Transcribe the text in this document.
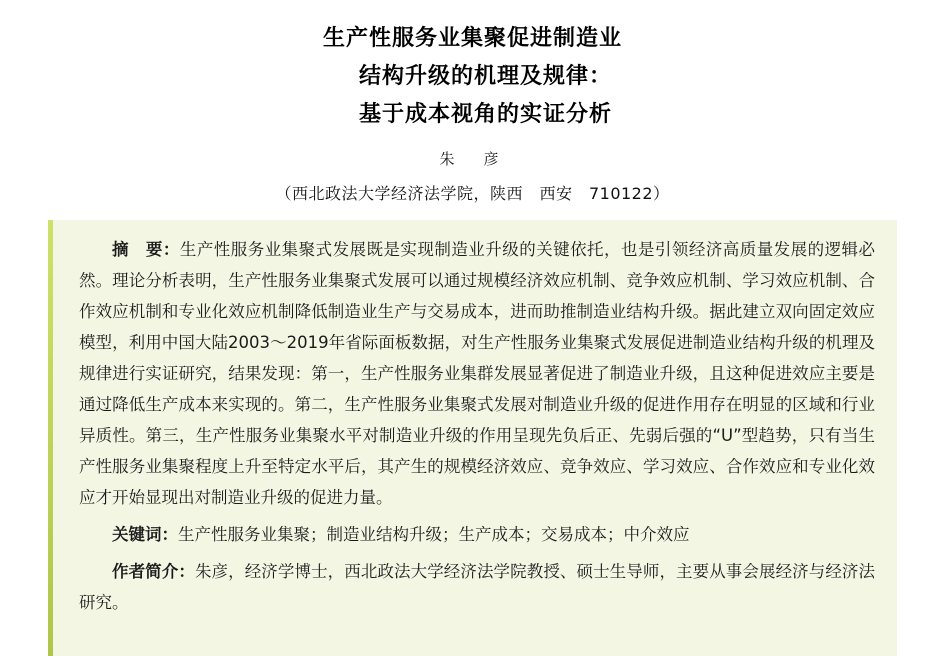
生产性服务业集聚促进制造业
结构升级的机理及规律：
基于成本视角的实证分析
朱　彦
（西北政法大学经济法学院，陕西　西安　710122）

摘　要：生产性服务业集聚式发展既是实现制造业升级的关键依托，也是引领经济高质量发展的逻辑必然。理论分析表明，生产性服务业集聚式发展可以通过规模经济效应机制、竞争效应机制、学习效应机制、合作效应机制和专业化效应机制降低制造业生产与交易成本，进而助推制造业结构升级。据此建立双向固定效应模型，利用中国大陆2003～2019年省际面板数据，对生产性服务业集聚式发展促进制造业结构升级的机理及规律进行实证研究，结果发现：第一，生产性服务业集群发展显著促进了制造业升级，且这种促进效应主要是通过降低生产成本来实现的。第二，生产性服务业集聚式发展对制造业升级的促进作用存在明显的区域和行业异质性。第三，生产性服务业集聚水平对制造业升级的作用呈现先负后正、先弱后强的“U”型趋势，只有当生产性服务业集聚程度上升至特定水平后，其产生的规模经济效应、竞争效应、学习效应、合作效应和专业化效应才开始显现出对制造业升级的促进力量。

关键词：生产性服务业集聚；制造业结构升级；生产成本；交易成本；中介效应

作者简介：朱彦，经济学博士，西北政法大学经济法学院教授、硕士生导师，主要从事会展经济与经济法研究。
